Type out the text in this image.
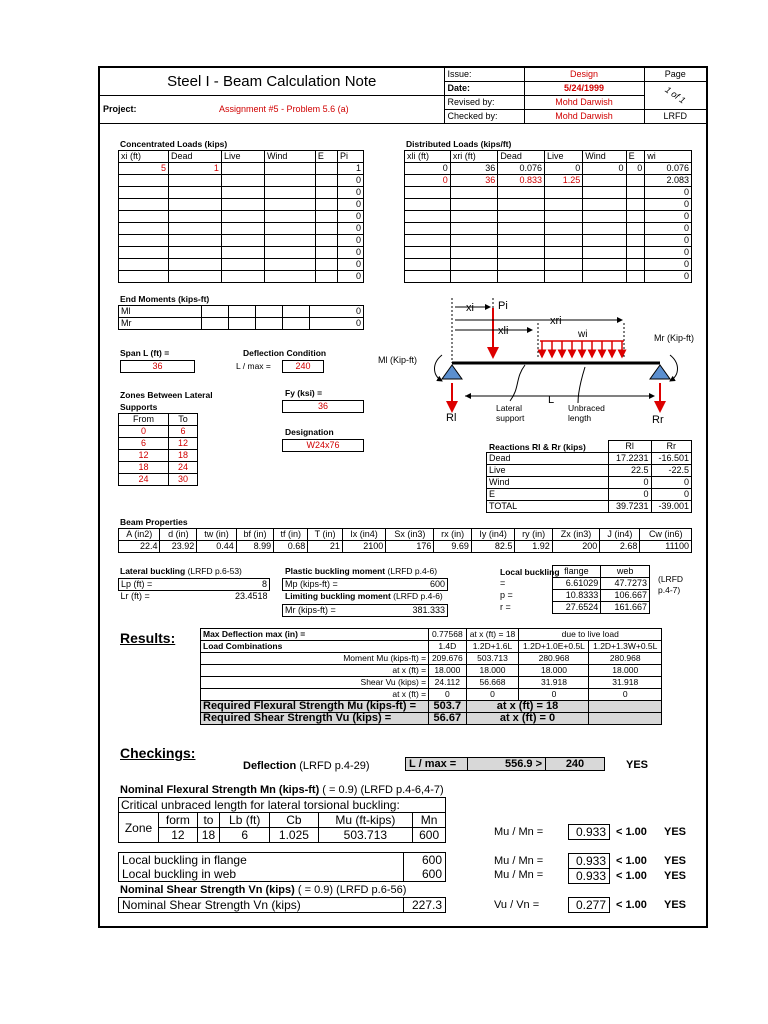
Steel I - Beam Calculation Note	Issue:	Design	Page
	Date:	5/24/1999	1 of 1
Project: Assignment #5 - Problem 5.6 (a)	Revised by:	Mohd Darwish	
	Checked by:	Mohd Darwish	LRFD
Concentrated Loads (kips)
xi (ft)	Dead	Live	Wind	E	Pi
5	1				1
					0
					0
					0
					0
					0
					0
					0
					0
					0
Distributed Loads (kips/ft)
xli (ft)	xri (ft)	Dead	Live	Wind	E	wi
0	36	0.076	0	0	0	0.076
0	36	0.833	1.25			2.083
						0
						0
						0
						0
						0
						0
						0
						0
End Moments (kips-ft)
Ml					0
Mr					0
Span L (ft) =
36
Deflection Condition
L / max =	240
Zones Between Lateral
Supports
From	To
0	6
6	12
12	18
18	24
24	30
Fy (ksi) =
36
Designation
W24x76
xi Pi
xli
xri
wi
Ml (Kip-ft)
Mr (Kip-ft)
Rl	Rr
L
Lateral
support
Unbraced
length
Reactions Rl & Rr (kips)
	Rl	Rr
Dead	17.2231	-16.501
Live	22.5	-22.5
Wind	0	0
E	0	0
TOTAL	39.7231	-39.001
Beam Properties
A (in2)	d (in)	tw (in)	bf (in)	tf (in)	T (in)	Ix (in4)	Sx (in3)	rx (in)	Iy (in4)	ry (in)	Zx (in3)	J (in4)	Cw (in6)
22.4	23.92	0.44	8.99	0.68	21	2100	176	9.69	82.5	1.92	200	2.68	11100
Lateral buckling (LRFD p.6-53)
Lp (ft) =	8
Lr (ft) =	23.4518
Plastic buckling moment (LRFD p.4-6)
Mp (kips-ft) =	600
Limiting buckling moment (LRFD p.4-6)
Mr (kips-ft) =	381.333
Local buckling
	flange	web
=	6.61029	47.7273
p =	10.8333	106.667
r =	27.6524	161.667
(LRFD p.4-7)
Results:	Max Deflection max (in) =	0.77568	at x (ft) = 18	due to live load	
Load Combinations	1.4D	1.2D+1.6L	1.2D+1.0E+0.5L	1.2D+1.3W+0.5L
Moment Mu (kips-ft) =	209.676	503.713	280.968	280.968
at x (ft) =	18.000	18.000	18.000	18.000
Shear Vu (kips) =	24.112	56.668	31.918	31.918
at x (ft) =	0	0	0	0
Required Flexural Strength Mu (kips-ft) =	503.7	at x (ft) = 18		
Required Shear Strength Vu (kips) =	56.67	at x (ft) = 0		
Checkings:
Deflection (LRFD p.4-29)	L / max =	556.9 >	240	YES
Nominal Flexural Strength Mn (kips-ft) ( = 0.9) (LRFD p.4-6,4-7)
Critical unbraced length for lateral torsional buckling:						
Zone	form	to	Lb (ft)	Cb	Mu (ft-kips)	Mn
	12	18	6	1.025	503.713	600	Mu / Mn =	0.933 < 1.00 YES
Local buckling in flange	600
Local buckling in web	600
Mu / Mn =	0.933 < 1.00 YES
Mu / Mn =	0.933 < 1.00 YES
Nominal Shear Strength Vn (kips) ( = 0.9) (LRFD p.6-56)
Nominal Shear Strength Vn (kips)	227.3	Vu / Vn =	0.277 < 1.00 YES
